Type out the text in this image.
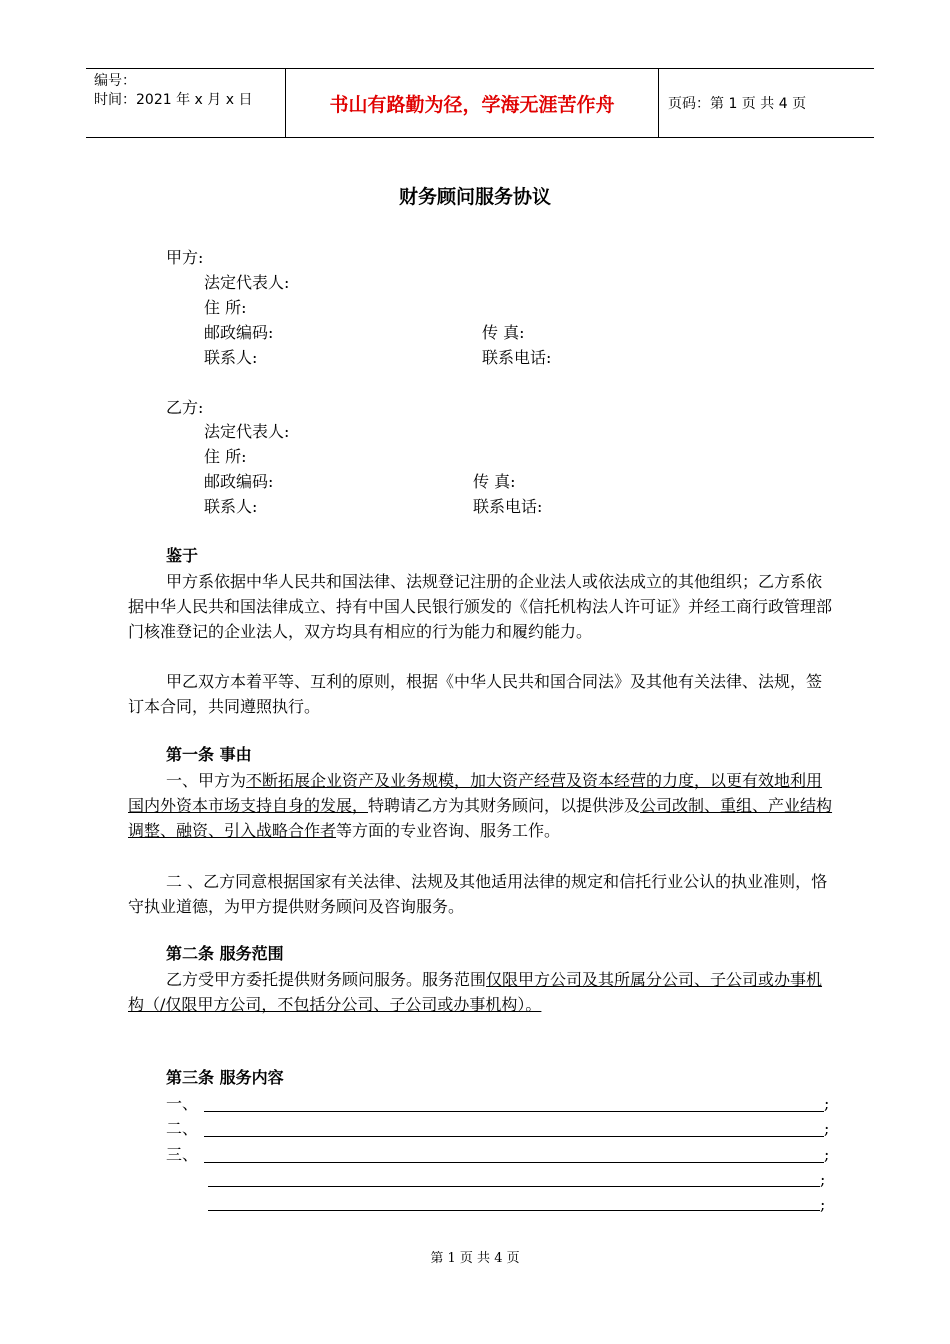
编号：
时间：2021 年 x 月 x 日	书山有路勤为径，学海无涯苦作舟	页码：第 1 页 共 4 页
财务顾问服务协议
甲方:
法定代表人:
住 所:
邮政编码:	传 真:
联系人:	联系电话:
乙方:
法定代表人:
住 所:
邮政编码:	传 真:
联系人:	联系电话:
鉴于
甲方系依据中华人民共和国法律、法规登记注册的企业法人或依法成立的其他组织；乙方系依据中华人民共和国法律成立、持有中国人民银行颁发的《信托机构法人许可证》并经工商行政管理部门核准登记的企业法人，双方均具有相应的行为能力和履约能力。
甲乙双方本着平等、互利的原则，根据《中华人民共和国合同法》及其他有关法律、法规，签订本合同，共同遵照执行。
第一条 事由
一、甲方为不断拓展企业资产及业务规模，加大资产经营及资本经营的力度，以更有效地利用国内外资本市场支持自身的发展，特聘请乙方为其财务顾问，以提供涉及公司改制、重组、产业结构调整、融资、引入战略合作者等方面的专业咨询、服务工作。
二 、乙方同意根据国家有关法律、法规及其他适用法律的规定和信托行业公认的执业准则，恪守执业道德，为甲方提供财务顾问及咨询服务。
第二条 服务范围
乙方受甲方委托提供财务顾问服务。服务范围仅限甲方公司及其所属分公司、子公司或办事机构（/仅限甲方公司，不包括分公司、子公司或办事机构）。
第三条 服务内容
一、	;
二、	;
三、	;
;
;
第 1 页 共 4 页
